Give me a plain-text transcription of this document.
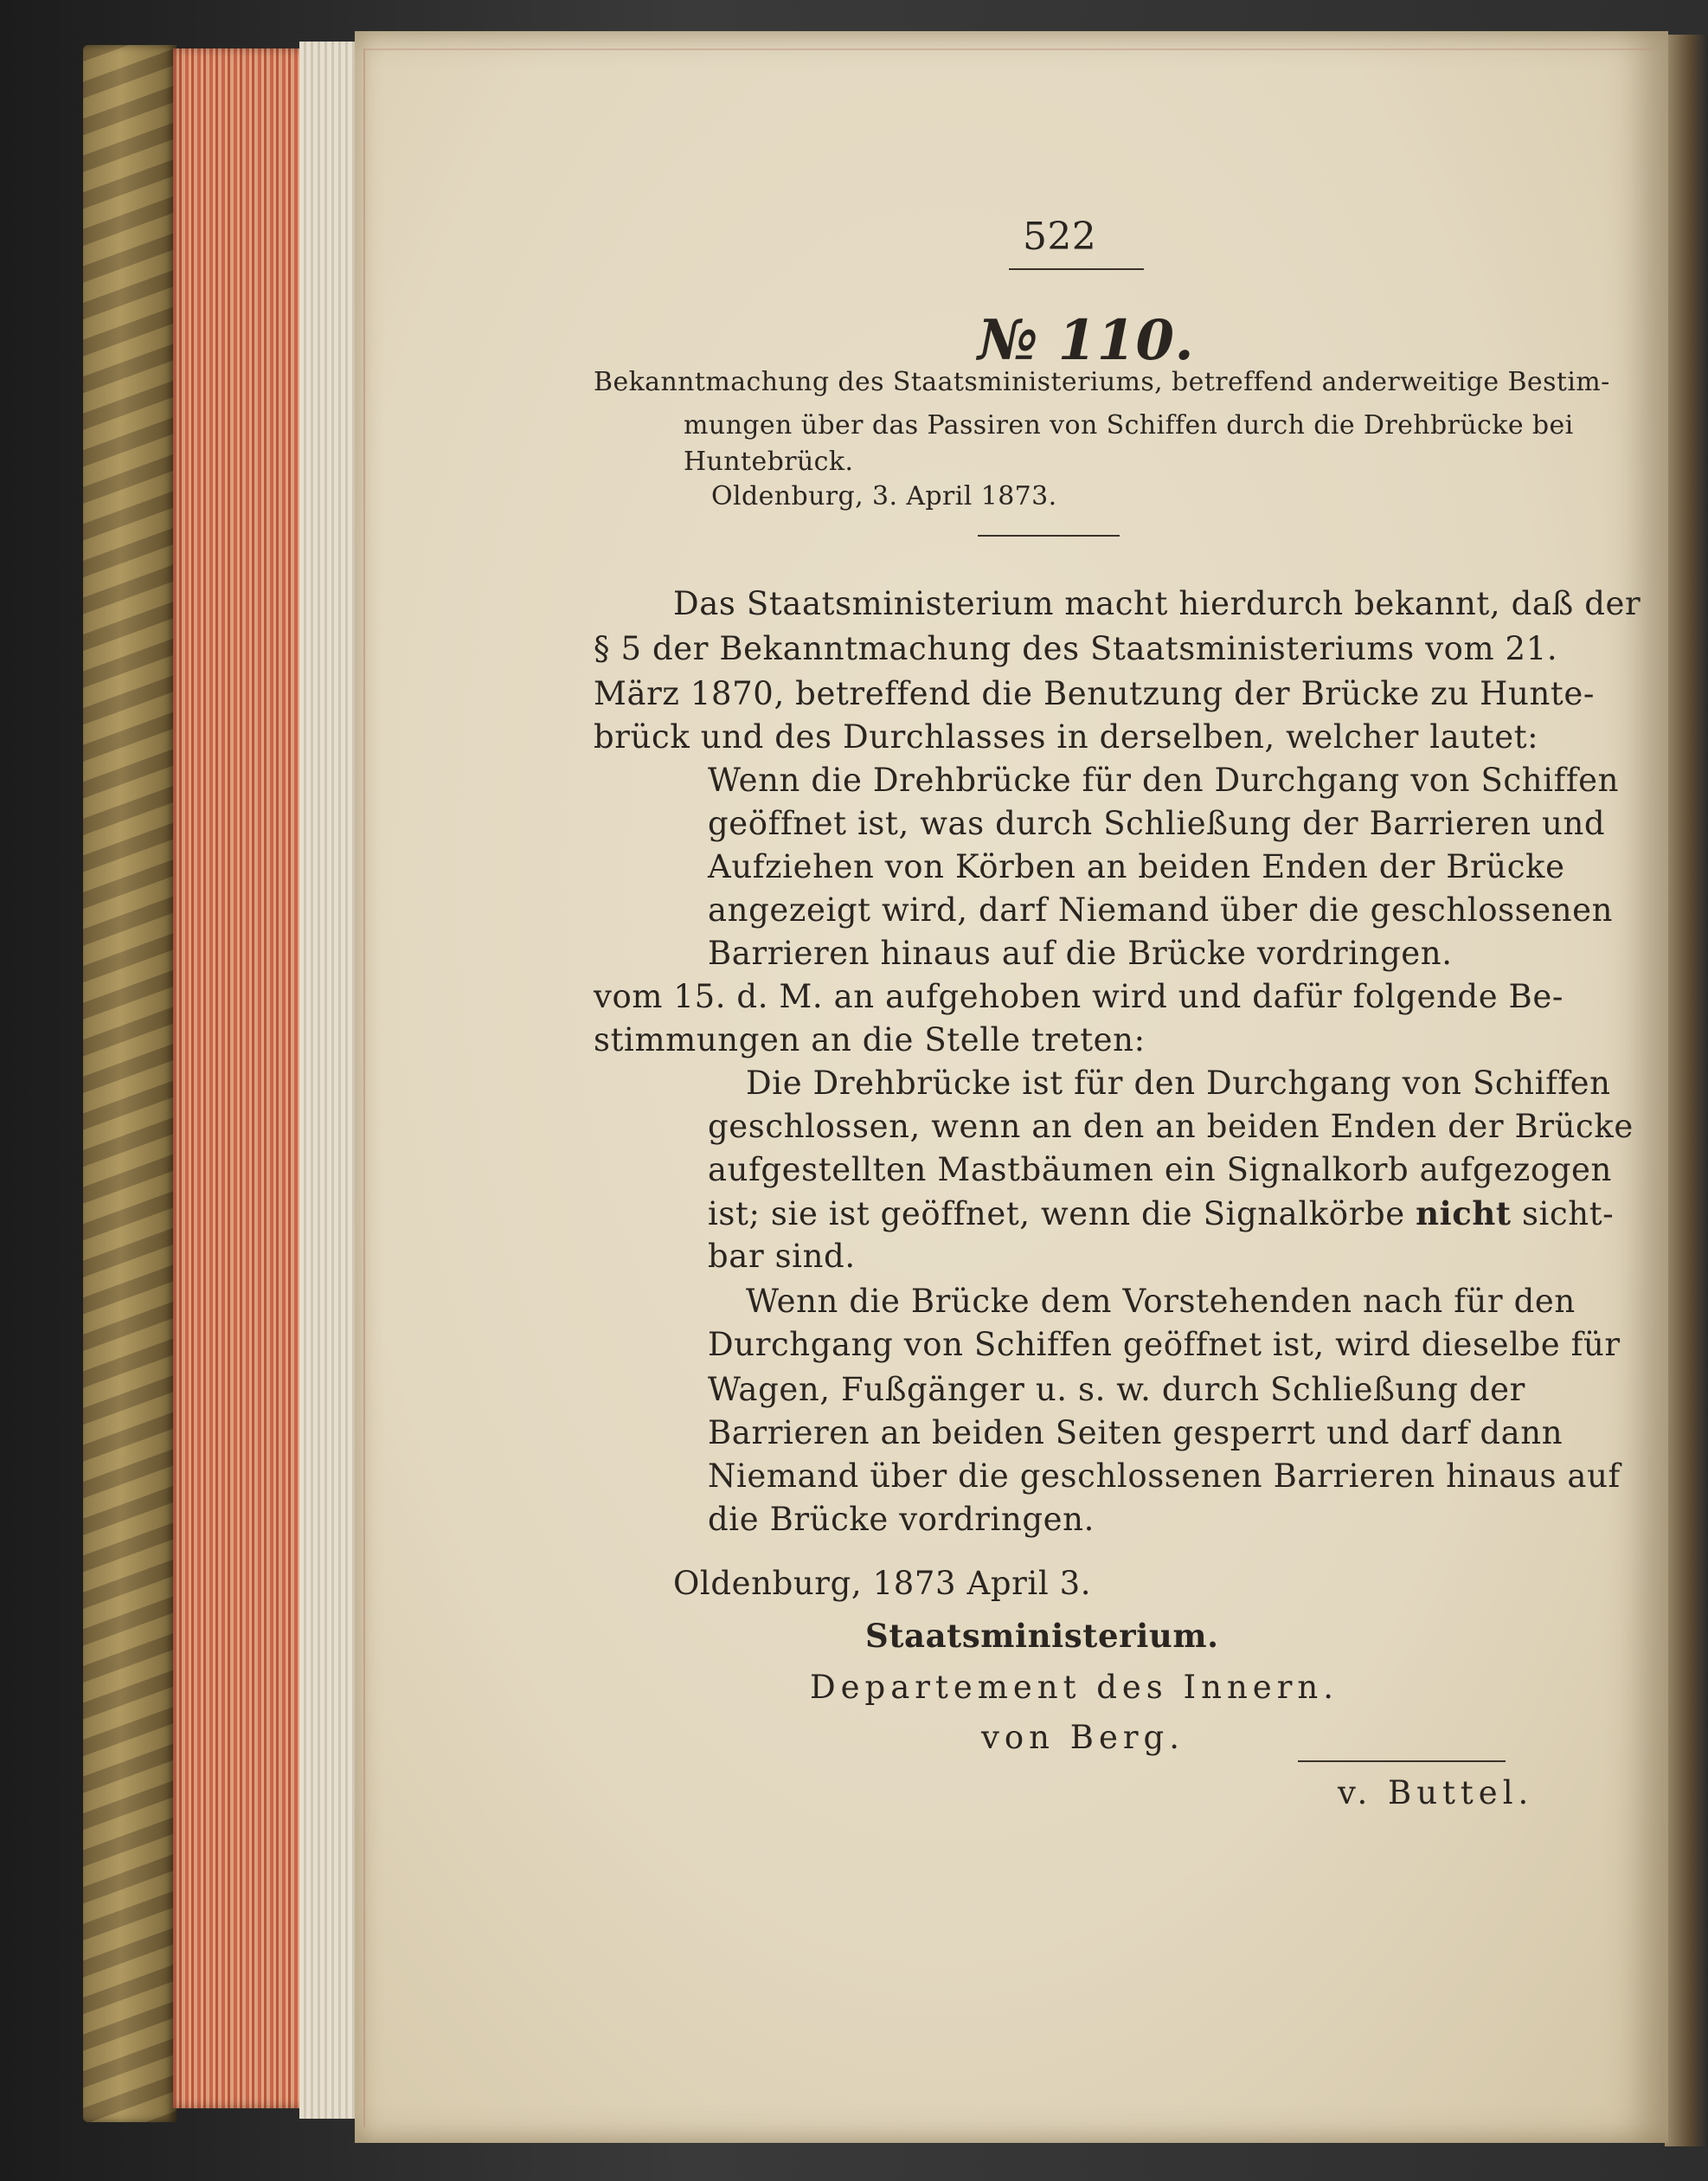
522
№ 110.
Bekanntmachung des Staatsministeriums, betreffend anderweitige Bestim-
mungen über das Passiren von Schiffen durch die Drehbrücke bei
Huntebrück.
Oldenburg, 3. April 1873.
Das Staatsministerium macht hierdurch bekannt, daß der
§ 5 der Bekanntmachung des Staatsministeriums vom 21.
März 1870, betreffend die Benutzung der Brücke zu Hunte-
brück und des Durchlasses in derselben, welcher lautet:
Wenn die Drehbrücke für den Durchgang von Schiffen
geöffnet ist, was durch Schließung der Barrieren und
Aufziehen von Körben an beiden Enden der Brücke
angezeigt wird, darf Niemand über die geschlossenen
Barrieren hinaus auf die Brücke vordringen.
vom 15. d. M. an aufgehoben wird und dafür folgende Be-
stimmungen an die Stelle treten:
Die Drehbrücke ist für den Durchgang von Schiffen
geschlossen, wenn an den an beiden Enden der Brücke
aufgestellten Mastbäumen ein Signalkorb aufgezogen
ist; sie ist geöffnet, wenn die Signalkörbe nicht sicht-
bar sind.
Wenn die Brücke dem Vorstehenden nach für den
Durchgang von Schiffen geöffnet ist, wird dieselbe für
Wagen, Fußgänger u. s. w. durch Schließung der
Barrieren an beiden Seiten gesperrt und darf dann
Niemand über die geschlossenen Barrieren hinaus auf
die Brücke vordringen.
Oldenburg, 1873 April 3.
Staatsministerium.
Departement des Innern.
von Berg.
v. Buttel.
